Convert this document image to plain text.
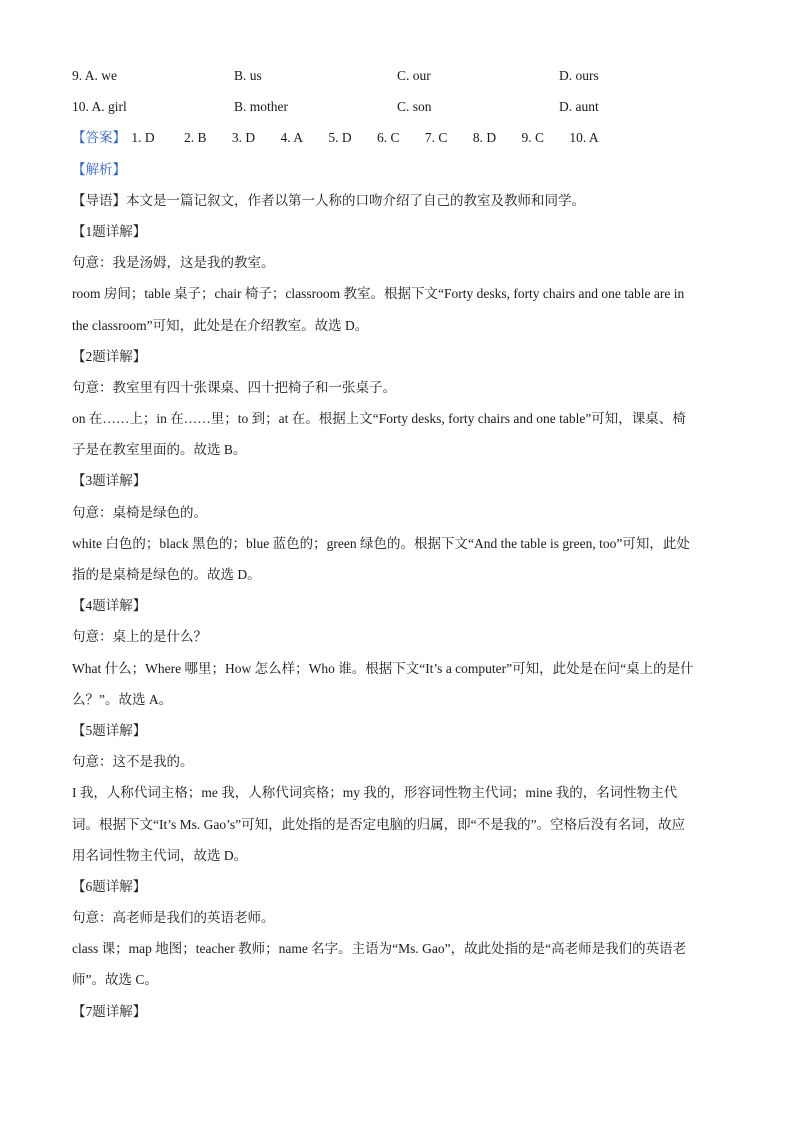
9. A. we	B. us	C. our	D. ours
10. A. girl	B. mother	C. son	D. aunt
【答案】 1. D 2. B 3. D 4. A 5. D 6. C 7. C 8. D 9. C 10. A
【解析】
【导语】本文是一篇记叙文，作者以第一人称的口吻介绍了自己的教室及教师和同学。
【1题详解】
句意：我是汤姆，这是我的教室。
room 房间；table 桌子；chair 椅子；classroom 教室。根据下文“Forty desks, forty chairs and one table are in
the classroom”可知，此处是在介绍教室。故选 D。
【2题详解】
句意：教室里有四十张课桌、四十把椅子和一张桌子。
on 在……上；in 在……里；to 到；at 在。根据上文“Forty desks, forty chairs and one table”可知，课桌、椅
子是在教室里面的。故选 B。
【3题详解】
句意：桌椅是绿色的。
white 白色的；black 黑色的；blue 蓝色的；green 绿色的。根据下文“And the table is green, too”可知，此处
指的是桌椅是绿色的。故选 D。
【4题详解】
句意：桌上的是什么？
What 什么；Where 哪里；How 怎么样；Who 谁。根据下文“It’s a computer”可知，此处是在问“桌上的是什
么？”。故选 A。
【5题详解】
句意：这不是我的。
I 我，人称代词主格；me 我，人称代词宾格；my 我的，形容词性物主代词；mine 我的，名词性物主代
词。根据下文“It’s Ms. Gao’s”可知，此处指的是否定电脑的归属，即“不是我的”。空格后没有名词，故应
用名词性物主代词，故选 D。
【6题详解】
句意：高老师是我们的英语老师。
class 课；map 地图；teacher 教师；name 名字。主语为“Ms. Gao”，故此处指的是“高老师是我们的英语老
师”。故选 C。
【7题详解】
